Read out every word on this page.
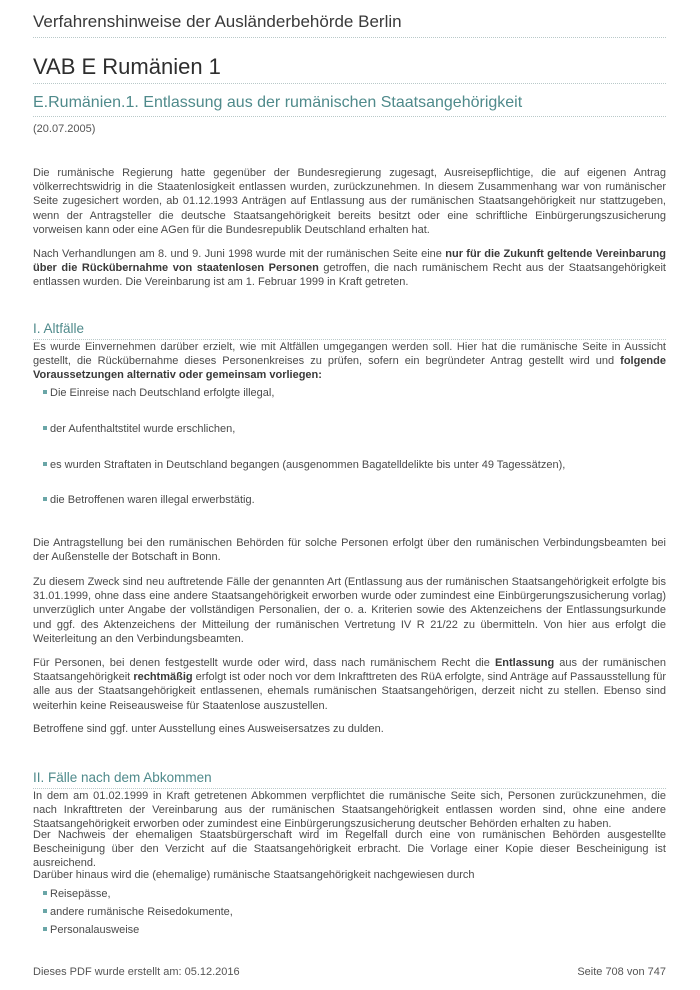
Verfahrenshinweise der Ausländerbehörde Berlin
VAB E Rumänien 1
E.Rumänien.1. Entlassung aus der rumänischen Staatsangehörigkeit
(20.07.2005)
Die rumänische Regierung hatte gegenüber der Bundesregierung zugesagt, Ausreisepflichtige, die auf eigenen Antrag völkerrechtswidrig in die Staatenlosigkeit entlassen wurden, zurückzunehmen. In diesem Zusammenhang war von rumänischer Seite zugesichert worden, ab 01.12.1993 Anträgen auf Entlassung aus der rumänischen Staatsangehörigkeit nur stattzugeben, wenn der Antragsteller die deutsche Staatsangehörigkeit bereits besitzt oder eine schriftliche Einbürgerungszusicherung vorweisen kann oder eine AGen für die Bundesrepublik Deutschland erhalten hat.
Nach Verhandlungen am 8. und 9. Juni 1998 wurde mit der rumänischen Seite eine nur für die Zukunft geltende Vereinbarung über die Rückübernahme von staatenlosen Personen getroffen, die nach rumänischem Recht aus der Staatsangehörigkeit entlassen wurden. Die Vereinbarung ist am 1. Februar 1999 in Kraft getreten.
I. Altfälle
Es wurde Einvernehmen darüber erzielt, wie mit Altfällen umgegangen werden soll. Hier hat die rumänische Seite in Aussicht gestellt, die Rückübernahme dieses Personenkreises zu prüfen, sofern ein begründeter Antrag gestellt wird und folgende Voraussetzungen alternativ oder gemeinsam vorliegen:
Die Einreise nach Deutschland erfolgte illegal,
der Aufenthaltstitel wurde erschlichen,
es wurden Straftaten in Deutschland begangen (ausgenommen Bagatelldelikte bis unter 49 Tagessätzen),
die Betroffenen waren illegal erwerbstätig.
Die Antragstellung bei den rumänischen Behörden für solche Personen erfolgt über den rumänischen Verbindungsbeamten bei der Außenstelle der Botschaft in Bonn.
Zu diesem Zweck sind neu auftretende Fälle der genannten Art (Entlassung aus der rumänischen Staatsangehörigkeit erfolgte bis 31.01.1999, ohne dass eine andere Staatsangehörigkeit erworben wurde oder zumindest eine Einbürgerungszusicherung vorlag) unverzüglich unter Angabe der vollständigen Personalien, der o. a. Kriterien sowie des Aktenzeichens der Entlassungsurkunde und ggf. des Aktenzeichens der Mitteilung der rumänischen Vertretung IV R 21/22 zu übermitteln. Von hier aus erfolgt die Weiterleitung an den Verbindungsbeamten.
Für Personen, bei denen festgestellt wurde oder wird, dass nach rumänischem Recht die Entlassung aus der rumänischen Staatsangehörigkeit rechtmäßig erfolgt ist oder noch vor dem Inkrafttreten des RüA erfolgte, sind Anträge auf Passausstellung für alle aus der Staatsangehörigkeit entlassenen, ehemals rumänischen Staatsangehörigen, derzeit nicht zu stellen. Ebenso sind weiterhin keine Reiseausweise für Staatenlose auszustellen.
Betroffene sind ggf. unter Ausstellung eines Ausweisersatzes zu dulden.
II. Fälle nach dem Abkommen
In dem am 01.02.1999 in Kraft getretenen Abkommen verpflichtet die rumänische Seite sich, Personen zurückzunehmen, die nach Inkrafttreten der Vereinbarung aus der rumänischen Staatsangehörigkeit entlassen worden sind, ohne eine andere Staatsangehörigkeit erworben oder zumindest eine Einbürgerungszusicherung deutscher Behörden erhalten zu haben.
Der Nachweis der ehemaligen Staatsbürgerschaft wird im Regelfall durch eine von rumänischen Behörden ausgestellte Bescheinigung über den Verzicht auf die Staatsangehörigkeit erbracht. Die Vorlage einer Kopie dieser Bescheinigung ist ausreichend.
Darüber hinaus wird die (ehemalige) rumänische Staatsangehörigkeit nachgewiesen durch
Reisepässe,
andere rumänische Reisedokumente,
Personalausweise
Dieses PDF wurde erstellt am: 05.12.2016	Seite 708 von 747
